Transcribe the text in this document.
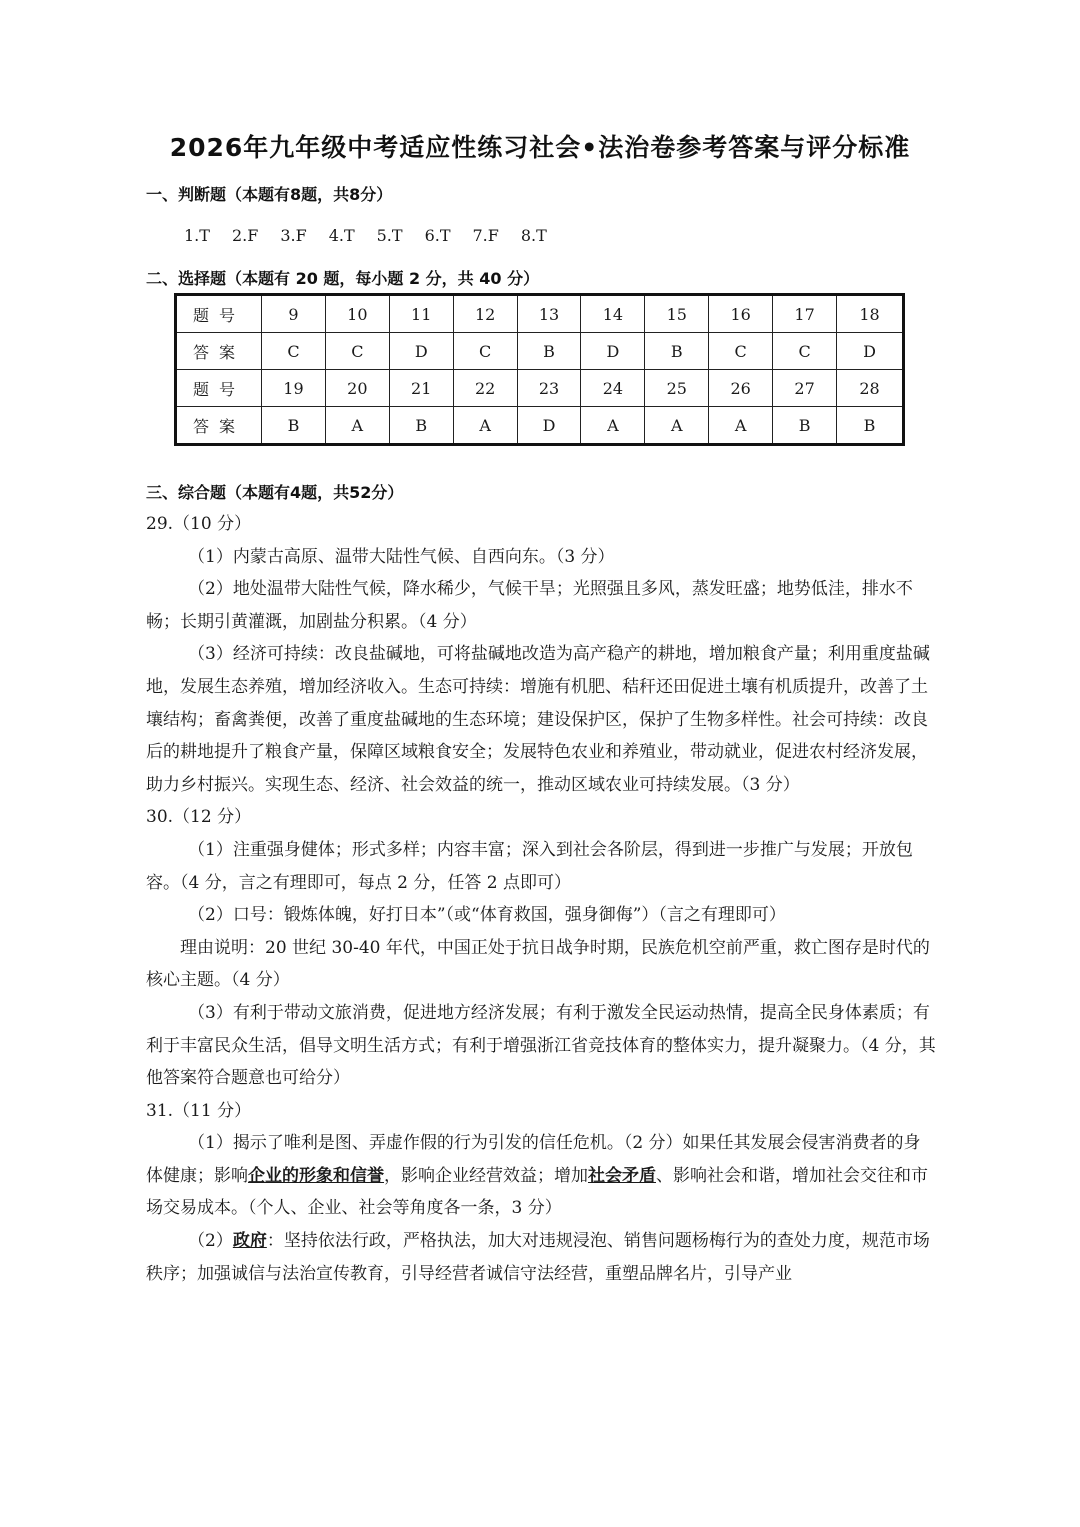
2026年九年级中考适应性练习社会•法治卷参考答案与评分标准
一、判断题（本题有8题，共8分）
1.T 2.F 3.F 4.T 5.T 6.T 7.F 8.T
二、选择题（本题有 20 题，每小题 2 分，共 40 分）
题号	9	10	11	12	13	14	15	16	17	18
答案	C	C	D	C	B	D	B	C	C	D
题号	19	20	21	22	23	24	25	26	27	28
答案	B	A	B	A	D	A	A	A	B	B
三、综合题（本题有4题，共52分）

29.（10 分）

（1）内蒙古高原、温带大陆性气候、自西向东。（3 分）

（2）地处温带大陆性气候，降水稀少，气候干旱；光照强且多风，蒸发旺盛；地势低洼，排水不畅；长期引黄灌溉，加剧盐分积累。（4 分）

（3）经济可持续：改良盐碱地，可将盐碱地改造为高产稳产的耕地，增加粮食产量；利用重度盐碱地，发展生态养殖，增加经济收入。生态可持续：增施有机肥、秸秆还田促进土壤有机质提升，改善了土壤结构；畜禽粪便，改善了重度盐碱地的生态环境；建设保护区，保护了生物多样性。社会可持续：改良后的耕地提升了粮食产量，保障区域粮食安全；发展特色农业和养殖业，带动就业，促进农村经济发展，助力乡村振兴。实现生态、经济、社会效益的统一，推动区域农业可持续发展。（3 分）

30.（12 分）

（1）注重强身健体；形式多样；内容丰富；深入到社会各阶层，得到进一步推广与发展；开放包容。（4 分，言之有理即可，每点 2 分，任答 2 点即可）

（2）口号：锻炼体魄，好打日本”（或“体育救国，强身御侮”）（言之有理即可）

理由说明：20 世纪 30-40 年代，中国正处于抗日战争时期，民族危机空前严重，救亡图存是时代的核心主题。（4 分）

（3）有利于带动文旅消费，促进地方经济发展；有利于激发全民运动热情，提高全民身体素质；有利于丰富民众生活，倡导文明生活方式；有利于增强浙江省竞技体育的整体实力，提升凝聚力。（4 分，其他答案符合题意也可给分）

31.（11 分）

（1）揭示了唯利是图、弄虚作假的行为引发的信任危机。（2 分）如果任其发展会侵害消费者的身体健康；影响企业的形象和信誉，影响企业经营效益；增加社会矛盾、影响社会和谐，增加社会交往和市场交易成本。（个人、企业、社会等角度各一条，3 分）

（2）政府：坚持依法行政，严格执法，加大对违规浸泡、销售问题杨梅行为的查处力度，规范市场秩序；加强诚信与法治宣传教育，引导经营者诚信守法经营，重塑品牌名片，引导产业
